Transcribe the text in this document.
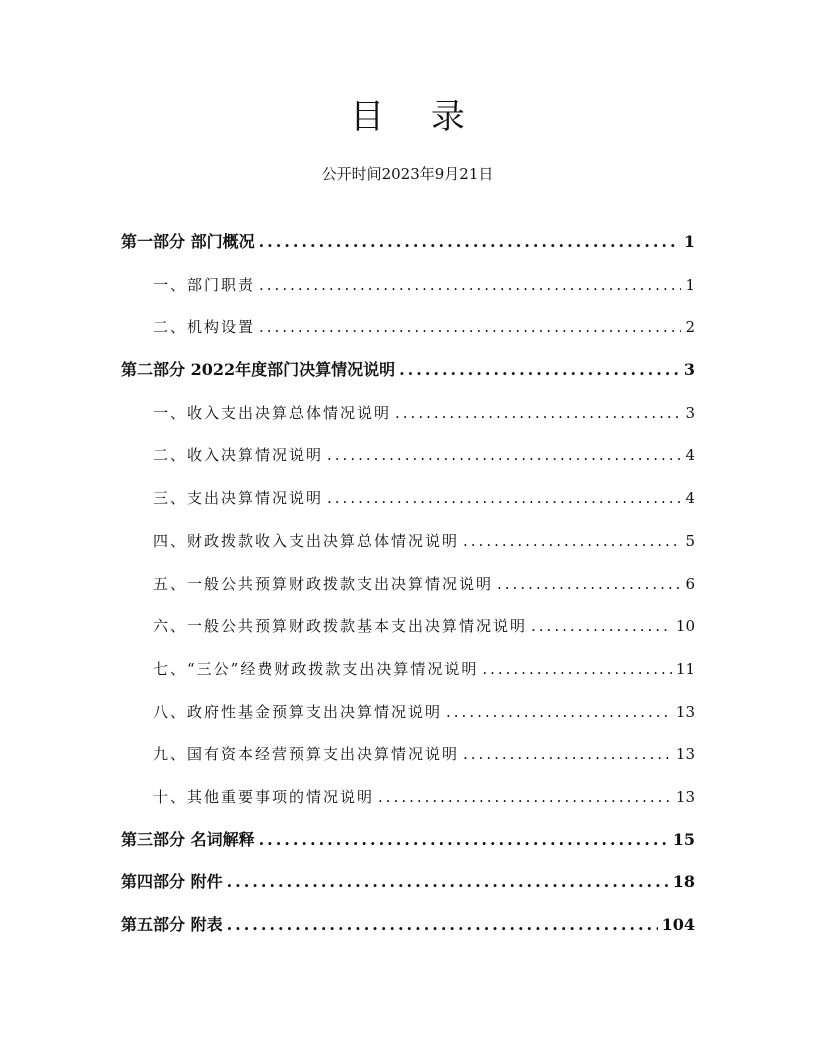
目 录
公开时间2023年9月21日
第一部分 部门概况 .....	1
一、部门职责 .....	1
二、机构设置 .....	2
第二部分 2022年度部门决算情况说明 .....	3
一、收入支出决算总体情况说明 .....	3
二、收入决算情况说明 .....	4
三、支出决算情况说明 .....	4
四、财政拨款收入支出决算总体情况说明 .....	5
五、一般公共预算财政拨款支出决算情况说明 .....	6
六、一般公共预算财政拨款基本支出决算情况说明 .....	10
七、“三公”经费财政拨款支出决算情况说明 .....	11
八、政府性基金预算支出决算情况说明 .....	13
九、国有资本经营预算支出决算情况说明 .....	13
十、其他重要事项的情况说明 .....	13
第三部分 名词解释 .....	15
第四部分 附件 .....	18
第五部分 附表 .....	104
